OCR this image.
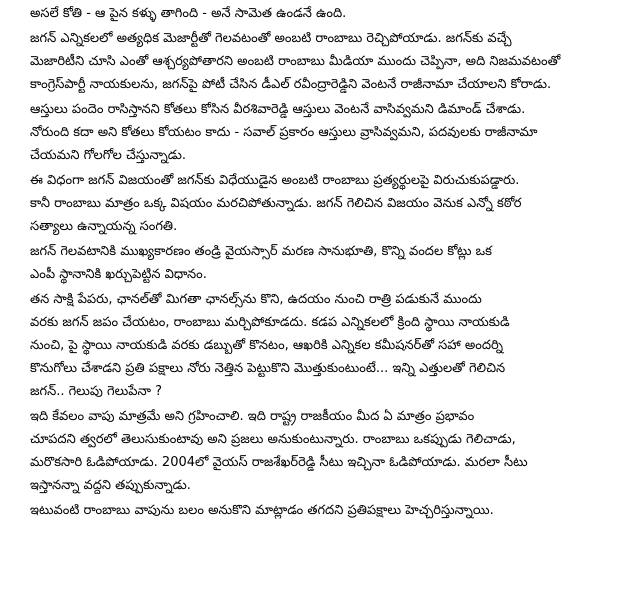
అసలే కోతి - ఆ పైన కళ్ళు తాగింది - అనే సామెత ఉండనే ఉంది.
జగన్ ఎన్నికలలో అత్యధిక మెజార్టీతో గెలవటంతో అంబటి రాంబాబు రెచ్చిపోయాడు. జగన్‌కు వచ్చే
మెజారిటీని చూసి ఎంతో ఆశ్చర్యపోతారని అంబటి రాంబాబు మీడియా ముందు చెప్పినా, అది నిజమవటంతో
కాంగ్రెస్‌పార్టీ నాయకులను, జగన్‌పై పోటీ చేసిన డీఎల్ రవీంద్రారెడ్డిని వెంటనే రాజీనామా చేయాలని కోరాడు.
ఆస్తులు పందెం రాసిస్తానని కోతలు కోసిన వీరశివారెడ్డి ఆస్తులు వెంటనే వాసివ్వమని డిమాండ్ చేశాడు.
నోరుంది కదా అని కోతలు కోయటం కాదు - సవాల్ ప్రకారం ఆస్తులు వ్రాసివ్వమని, పదవులకు రాజీనామా
చేయమని గోలగోల చేస్తున్నాడు.
ఈ విధంగా జగన్ విజయంతో జగన్‌కు విధేయుడైన అంబటి రాంబాబు ప్రత్యర్థులపై విరుచుకుపడ్డారు.
కానీ రాంబాబు మాత్రం ఒక్క విషయం మరచిపోతున్నాడు. జగన్ గెలిచిన విజయం వెనుక ఎన్నో కఠోర
సత్యాలు ఉన్నాయన్న సంగతి.
జగన్ గెలవటానికి ముఖ్యకారణం తండ్రి వైయస్సార్ మరణ సానుభూతి, కొన్ని వందల కోట్లు ఒక
ఎంపీ స్థానానికి ఖర్చుపెట్టిన విధానం.
తన సాక్షి పేపరు, ఛానల్‌తో మిగతా ఛానల్స్‌ను కొని, ఉదయం నుంచి రాత్రి పడుకునే ముందు
వరకు జగన్ జపం చేయటం, రాంబాబు మర్చిపోకూడదు. కడప ఎన్నికలలో క్రింది స్థాయి నాయకుడి
నుంచి, పై స్థాయి నాయకుడి వరకు డబ్బుతో కొనటం, ఆఖరికి ఎన్నికల కమీషనర్‌తో సహా అందర్ని
కొనుగోలు చేశాడని ప్రతి పక్షాలు నోరు నెత్తిన పెట్టుకొని మొత్తుకుంటుంటే... ఇన్ని ఎత్తులతో గెలిచిన
జగన్.. గెలుపు గెలుపేనా ?
ఇది కేవలం వాపు మాత్రమే అని గ్రహించాలి. ఇది రాష్ట్ర రాజకీయం మీద ఏ మాత్రం ప్రభావం
చూపదని త్వరలో తెలుసుకుంటావు అని ప్రజలు అనుకుంటున్నారు. రాంబాబు ఒకప్పుడు గెలిచాడు,
మరొకసారి ఓడిపోయాడు. 2004లో వైయస్ రాజశేఖర్‌రెడ్డి సీటు ఇచ్చినా ఓడిపోయాడు. మరలా సీటు
ఇస్తానన్నా వద్దని తప్పుకున్నాడు.
ఇటువంటి రాంబాబు వాపును బలం అనుకొని మాట్లాడం తగదని ప్రతిపక్షాలు హెచ్చరిస్తున్నాయి.
